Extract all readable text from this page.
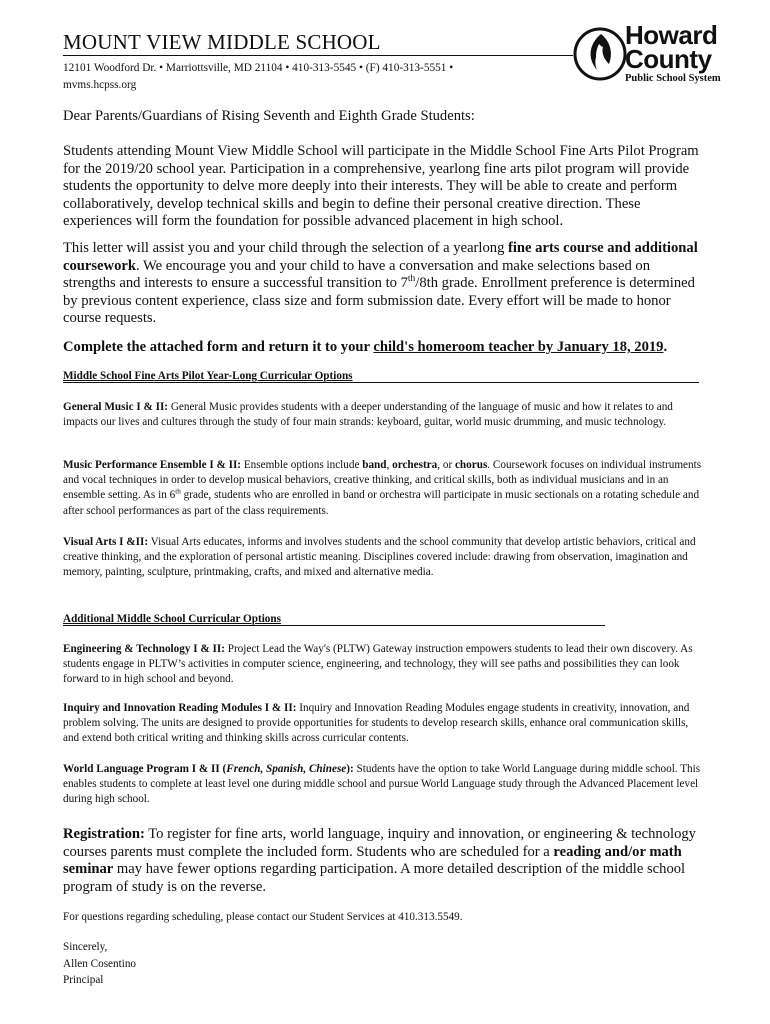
MOUNT VIEW MIDDLE SCHOOL
12101 Woodford Dr. • Marriottsville, MD 21104 • 410-313-5545 • (F) 410-313-5551 •
mvms.hcpss.org
Howard
County
Public School System

Dear Parents/Guardians of Rising Seventh and Eighth Grade Students:

Students attending Mount View Middle School will participate in the Middle School Fine Arts Pilot Program for the 2019/20 school year. Participation in a comprehensive, yearlong fine arts pilot program will provide students the opportunity to delve more deeply into their interests. They will be able to create and perform collaboratively, develop technical skills and begin to define their personal creative direction. These experiences will form the foundation for possible advanced placement in high school.

This letter will assist you and your child through the selection of a yearlong fine arts course and additional coursework. We encourage you and your child to have a conversation and make selections based on strengths and interests to ensure a successful transition to 7th/8th grade. Enrollment preference is determined by previous content experience, class size and form submission date. Every effort will be made to honor course requests.

Complete the attached form and return it to your child's homeroom teacher by January 18, 2019.

Middle School Fine Arts Pilot Year-Long Curricular Options

General Music I & II: General Music provides students with a deeper understanding of the language of music and how it relates to and impacts our lives and cultures through the study of four main strands: keyboard, guitar, world music drumming, and music technology.

Music Performance Ensemble I & II: Ensemble options include band, orchestra, or chorus. Coursework focuses on individual instruments and vocal techniques in order to develop musical behaviors, creative thinking, and critical skills, both as individual musicians and in an ensemble setting. As in 6th grade, students who are enrolled in band or orchestra will participate in music sectionals on a rotating schedule and after school performances as part of the class requirements.

Visual Arts I &II: Visual Arts educates, informs and involves students and the school community that develop artistic behaviors, critical and creative thinking, and the exploration of personal artistic meaning. Disciplines covered include: drawing from observation, imagination and memory, painting, sculpture, printmaking, crafts, and mixed and alternative media.

Additional Middle School Curricular Options

Engineering & Technology I & II: Project Lead the Way's (PLTW) Gateway instruction empowers students to lead their own discovery. As students engage in PLTW’s activities in computer science, engineering, and technology, they will see paths and possibilities they can look forward to in high school and beyond.

Inquiry and Innovation Reading Modules I & II: Inquiry and Innovation Reading Modules engage students in creativity, innovation, and problem solving. The units are designed to provide opportunities for students to develop research skills, enhance oral communication skills, and extend both critical writing and thinking skills across curricular contents.

World Language Program I & II (French, Spanish, Chinese): Students have the option to take World Language during middle school. This enables students to complete at least level one during middle school and pursue World Language study through the Advanced Placement level during high school.

Registration: To register for fine arts, world language, inquiry and innovation, or engineering & technology courses parents must complete the included form. Students who are scheduled for a reading and/or math seminar may have fewer options regarding participation. A more detailed description of the middle school program of study is on the reverse.

For questions regarding scheduling, please contact our Student Services at 410.313.5549.

Sincerely,

Allen Cosentino

Principal
